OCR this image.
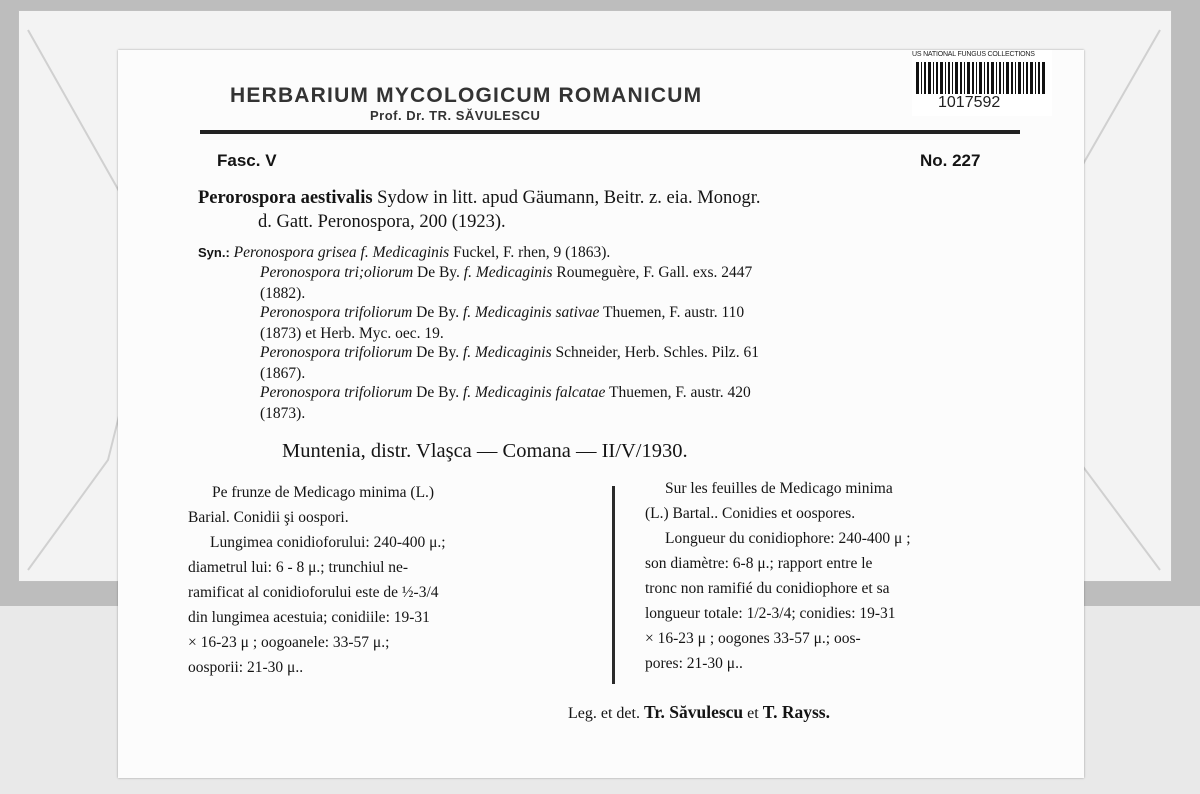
US NATIONAL FUNGUS COLLECTIONS
1017592
HERBARIUM MYCOLOGICUM ROMANICUM
Prof. Dr. TR. SĂVULESCU
Fasc. V	No. 227
Perorospora aestivalis Sydow in litt. apud Gäumann, Beitr. z. eia. Monogr.
d. Gatt. Peronospora, 200 (1923).
Syn.: Peronospora grisea f. Medicaginis Fuckel, F. rhen, 9 (1863).
Peronospora tri;oliorum De By. f. Medicaginis Roumeguère, F. Gall. exs. 2447
(1882).
Peronospora trifoliorum De By. f. Medicaginis sativae Thuemen, F. austr. 110
(1873) et Herb. Myc. oec. 19.
Peronospora trifoliorum De By. f. Medicaginis Schneider, Herb. Schles. Pilz. 61
(1867).
Peronospora trifoliorum De By. f. Medicaginis falcatae Thuemen, F. austr. 420
(1873).
Muntenia, distr. Vlaşca — Comana — II/V/1930.
Pe frunze de Medicago minima (L.)
Barial. Conidii şi oospori.
Lungimea conidioforului: 240-400 μ.;
diametrul lui: 6 - 8 μ.; trunchiul ne-
ramificat al conidioforului este de ½-3/4
din lungimea acestuia; conidiile: 19-31
× 16-23 μ ; oogoanele: 33-57 μ.;
oosporii: 21-30 μ..
Sur les feuilles de Medicago minima
(L.) Bartal.. Conidies et oospores.
Longueur du conidiophore: 240-400 μ ;
son diamètre: 6-8 μ.; rapport entre le
tronc non ramifié du conidiophore et sa
longueur totale: 1/2-3/4; conidies: 19-31
× 16-23 μ ; oogones 33-57 μ.; oos-
pores: 21-30 μ..
Leg. et det. Tr. Săvulescu et T. Rayss.
